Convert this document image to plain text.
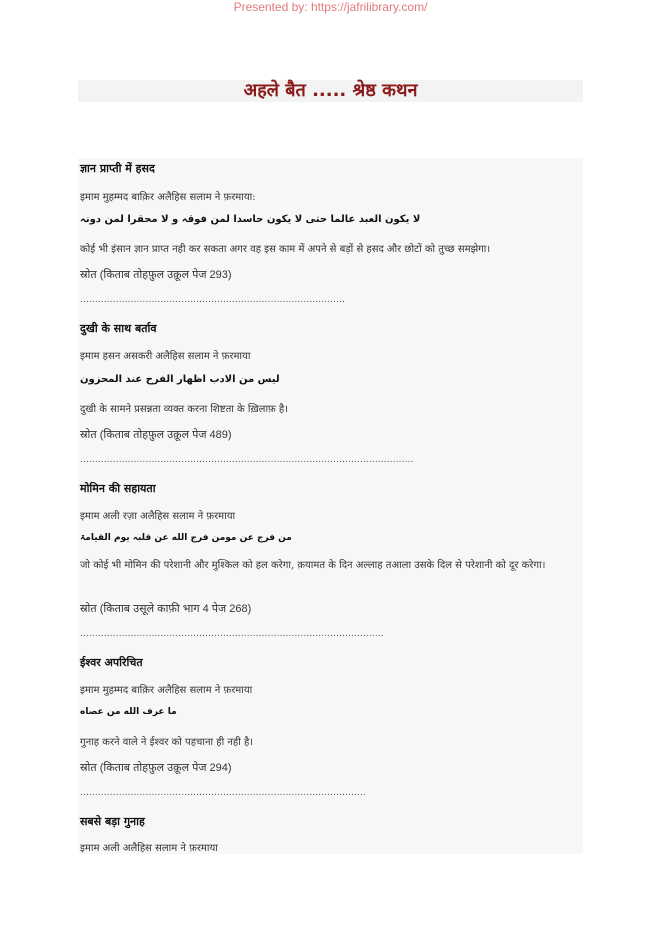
Presented by: https://jafrilibrary.com/
अहले बैत ..... श्रेष्ठ कथन
ज्ञान प्राप्ती में हसद
इमाम मुहम्मद बाक़िर अलैहिस सलाम ने फ़रमाया:
لا یکون العبد عالما حتی لا یکون حاسدا لمن فوقہ و لا محقرا لمن دونہ
कोई भी इंसान ज्ञान प्राप्त नही कर सकता अगर वह इस काम में अपने से बड़ों से हसद और छोटों को तुच्छ समझेगा।
स्रोत (किताब तोहफ़ुल उक़ूल पेज 293)
.........................................................................................
दुखी के साथ बर्ताव
इमाम हसन असकरी अलैहिस सलाम ने फ़रमाया
لیس من الادب اظهار الفرح عند المحزون
दुखी के सामने प्रसन्नता व्यक्त करना शिष्टता के ख़िलाफ़ है।
स्रोत (किताब तोहफ़ुल उक़ूल पेज 489)
................................................................................................................
मोमिन की सहायता
इमाम अली रज़ा अलैहिस सलाम ने फ़रमाया
من فرج عن مومن فرج الله عن قلبہ یوم القیامۃ
जो कोई भी मोमिन की परेशानी और मुश्किल को हल करेगा, क़यामत के दिन अल्लाह तआला उसके दिल से परेशानी को दूर करेगा।
स्रोत (किताब उसूले काफ़ी भाग 4 पेज 268)
......................................................................................................
ईश्वर अपरिचित
इमाम मुहम्मद बाक़िर अलैहिस सलाम ने फ़रमाया
ما عرف الله من عصاه
गुनाह करने वाले ने ईश्वर को पहचाना ही नही है।
स्रोत (किताब तोहफ़ुल उक़ूल पेज 294)
................................................................................................
सबसे बड़ा गुनाह
इमाम अली अलैहिस सलाम ने फ़रमाया
